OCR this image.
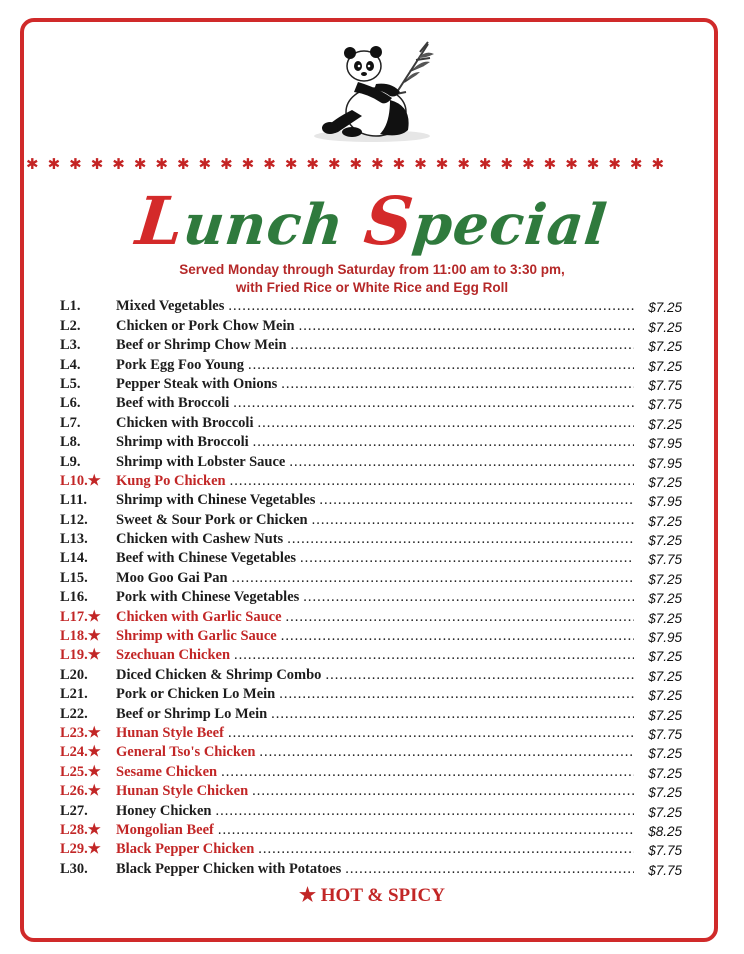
✱✱✱✱✱✱✱✱✱✱✱✱✱✱✱✱✱✱✱✱✱✱✱✱✱✱✱✱✱✱
Lunch Special
Served Monday through Saturday from 11:00 am to 3:30 pm,
with Fried Rice or White Rice and Egg Roll
L1.	Mixed Vegetables .....	$7.25
L2.	Chicken or Pork Chow Mein .....	$7.25
L3.	Beef or Shrimp Chow Mein .....	$7.25
L4.	Pork Egg Foo Young .....	$7.25
L5.	Pepper Steak with Onions .....	$7.75
L6.	Beef with Broccoli .....	$7.75
L7.	Chicken with Broccoli .....	$7.25
L8.	Shrimp with Broccoli .....	$7.95
L9.	Shrimp with Lobster Sauce .....	$7.95
L10.★	Kung Po Chicken .....	$7.25
L11.	Shrimp with Chinese Vegetables .....	$7.95
L12.	Sweet & Sour Pork or Chicken .....	$7.25
L13.	Chicken with Cashew Nuts .....	$7.25
L14.	Beef with Chinese Vegetables .....	$7.75
L15.	Moo Goo Gai Pan .....	$7.25
L16.	Pork with Chinese Vegetables .....	$7.25
L17.★	Chicken with Garlic Sauce .....	$7.25
L18.★	Shrimp with Garlic Sauce .....	$7.95
L19.★	Szechuan Chicken .....	$7.25
L20.	Diced Chicken & Shrimp Combo .....	$7.25
L21.	Pork or Chicken Lo Mein .....	$7.25
L22.	Beef or Shrimp Lo Mein .....	$7.25
L23.★	Hunan Style Beef .....	$7.75
L24.★	General Tso's Chicken .....	$7.25
L25.★	Sesame Chicken .....	$7.25
L26.★	Hunan Style Chicken .....	$7.25
L27.	Honey Chicken .....	$7.25
L28.★	Mongolian Beef .....	$8.25
L29.★	Black Pepper Chicken .....	$7.75
L30.	Black Pepper Chicken with Potatoes .....	$7.75
★ HOT & SPICY
